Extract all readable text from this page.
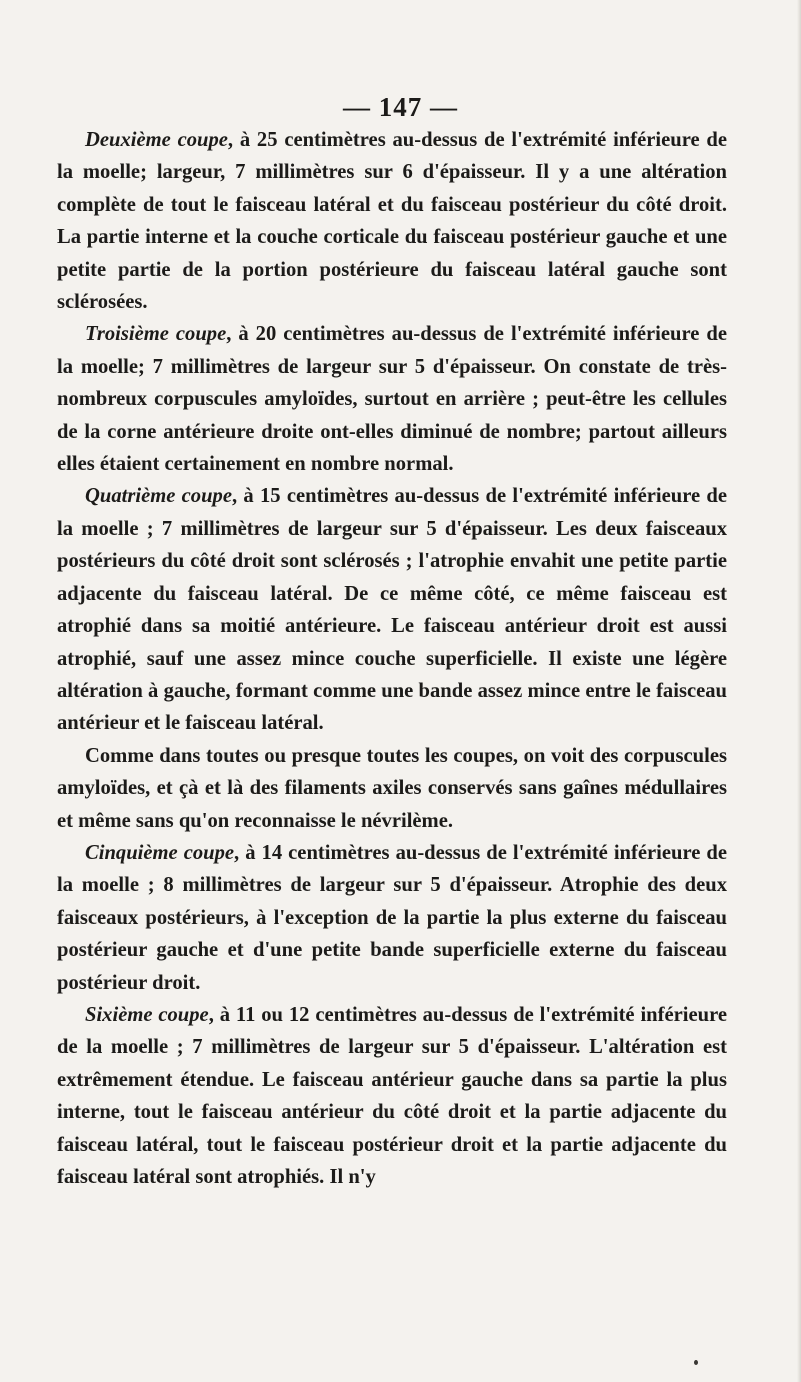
— 147 —

Deuxième coupe, à 25 centimètres au-dessus de l'extrémité inférieure de la moelle; largeur, 7 millimètres sur 6 d'épaisseur. Il y a une altération complète de tout le faisceau latéral et du faisceau postérieur du côté droit. La partie interne et la couche corticale du faisceau postérieur gauche et une petite partie de la portion postérieure du faisceau latéral gauche sont sclérosées.

Troisième coupe, à 20 centimètres au-dessus de l'extrémité inférieure de la moelle; 7 millimètres de largeur sur 5 d'épaisseur. On constate de très-nombreux corpuscules amyloïdes, surtout en arrière ; peut-être les cellules de la corne antérieure droite ont-elles diminué de nombre; partout ailleurs elles étaient certainement en nombre normal.

Quatrième coupe, à 15 centimètres au-dessus de l'extrémité inférieure de la moelle ; 7 millimètres de largeur sur 5 d'épaisseur. Les deux faisceaux postérieurs du côté droit sont sclérosés ; l'atrophie envahit une petite partie adjacente du faisceau latéral. De ce même côté, ce même faisceau est atrophié dans sa moitié antérieure. Le faisceau antérieur droit est aussi atrophié, sauf une assez mince couche superficielle. Il existe une légère altération à gauche, formant comme une bande assez mince entre le faisceau antérieur et le faisceau latéral.

Comme dans toutes ou presque toutes les coupes, on voit des corpuscules amyloïdes, et çà et là des filaments axiles conservés sans gaînes médullaires et même sans qu'on reconnaisse le névrilème.

Cinquième coupe, à 14 centimètres au-dessus de l'extrémité inférieure de la moelle ; 8 millimètres de largeur sur 5 d'épaisseur. Atrophie des deux faisceaux postérieurs, à l'exception de la partie la plus externe du faisceau postérieur gauche et d'une petite bande superficielle externe du faisceau postérieur droit.

Sixième coupe, à 11 ou 12 centimètres au-dessus de l'extrémité inférieure de la moelle ; 7 millimètres de largeur sur 5 d'épaisseur. L'altération est extrêmement étendue. Le faisceau antérieur gauche dans sa partie la plus interne, tout le faisceau antérieur du côté droit et la partie adjacente du faisceau latéral, tout le faisceau postérieur droit et la partie adjacente du faisceau latéral sont atrophiés. Il n'y
